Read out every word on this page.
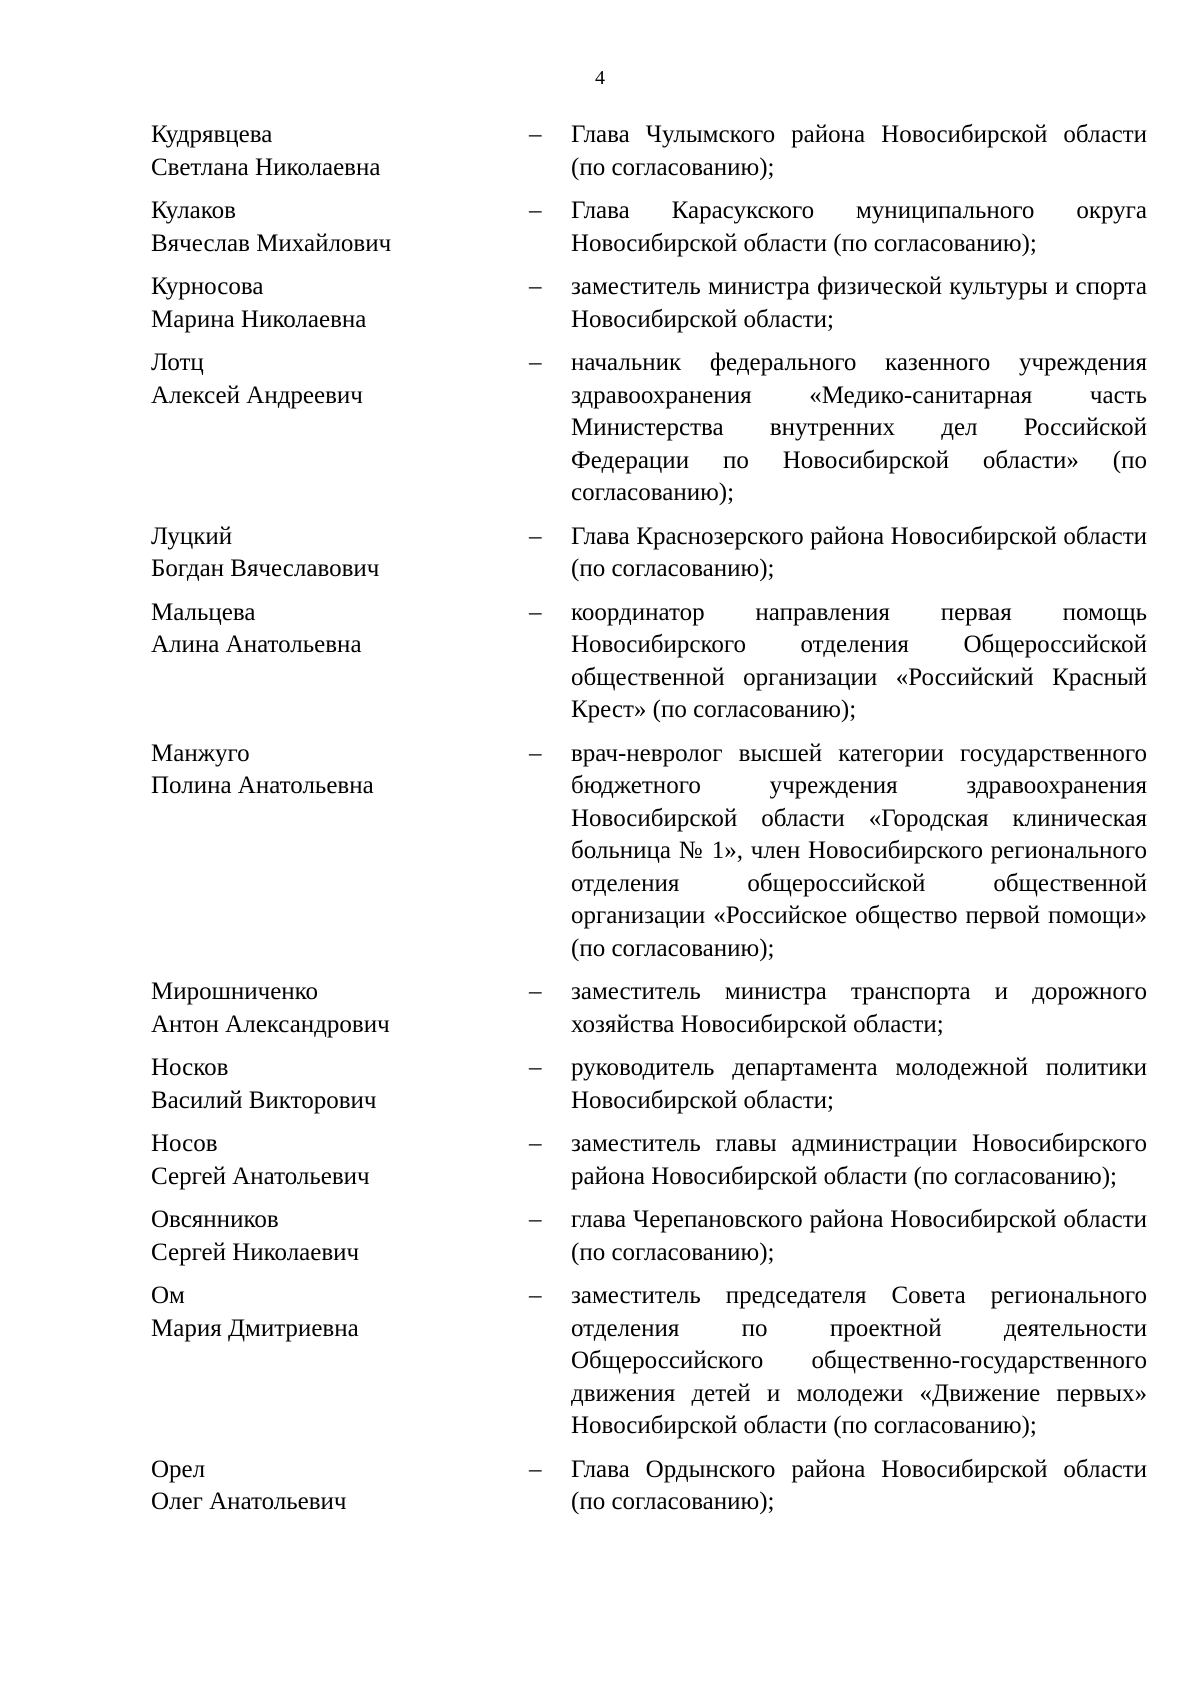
4
Кудрявцева
Светлана Николаевна
–	Глава Чулымского района Новосибирской области (по согласованию);
Кулаков
Вячеслав Михайлович
–	Глава Карасукского муниципального округа Новосибирской области (по согласованию);
Курносова
Марина Николаевна
–	заместитель министра физической культуры и спорта Новосибирской области;
Лотц
Алексей Андреевич
–	начальник федерального казенного учреждения здравоохранения «Медико-санитарная часть Министерства внутренних дел Российской Федерации по Новосибирской области» (по согласованию);
Луцкий
Богдан Вячеславович
–	Глава Краснозерского района Новосибирской области (по согласованию);
Мальцева
Алина Анатольевна
–	координатор направления первая помощь Новосибирского отделения Общероссийской общественной организации «Российский Красный Крест» (по согласованию);
Манжуго
Полина Анатольевна
–	врач-невролог высшей категории государственного бюджетного учреждения здравоохранения Новосибирской области «Городская клиническая больница № 1», член Новосибирского регионального отделения общероссийской общественной организации «Российское общество первой помощи» (по согласованию);
Мирошниченко
Антон Александрович
–	заместитель министра транспорта и дорожного хозяйства Новосибирской области;
Носков
Василий Викторович
–	руководитель департамента молодежной политики Новосибирской области;
Носов
Сергей Анатольевич
–	заместитель главы администрации Новосибирского района Новосибирской области (по согласованию);
Овсянников
Сергей Николаевич
–	глава Черепановского района Новосибирской области (по согласованию);
Ом
Мария Дмитриевна
–	заместитель председателя Совета регионального отделения по проектной деятельности Общероссийского общественно-государственного движения детей и молодежи «Движение первых» Новосибирской области (по согласованию);
Орел
Олег Анатольевич
–	Глава Ордынского района Новосибирской области (по согласованию);
